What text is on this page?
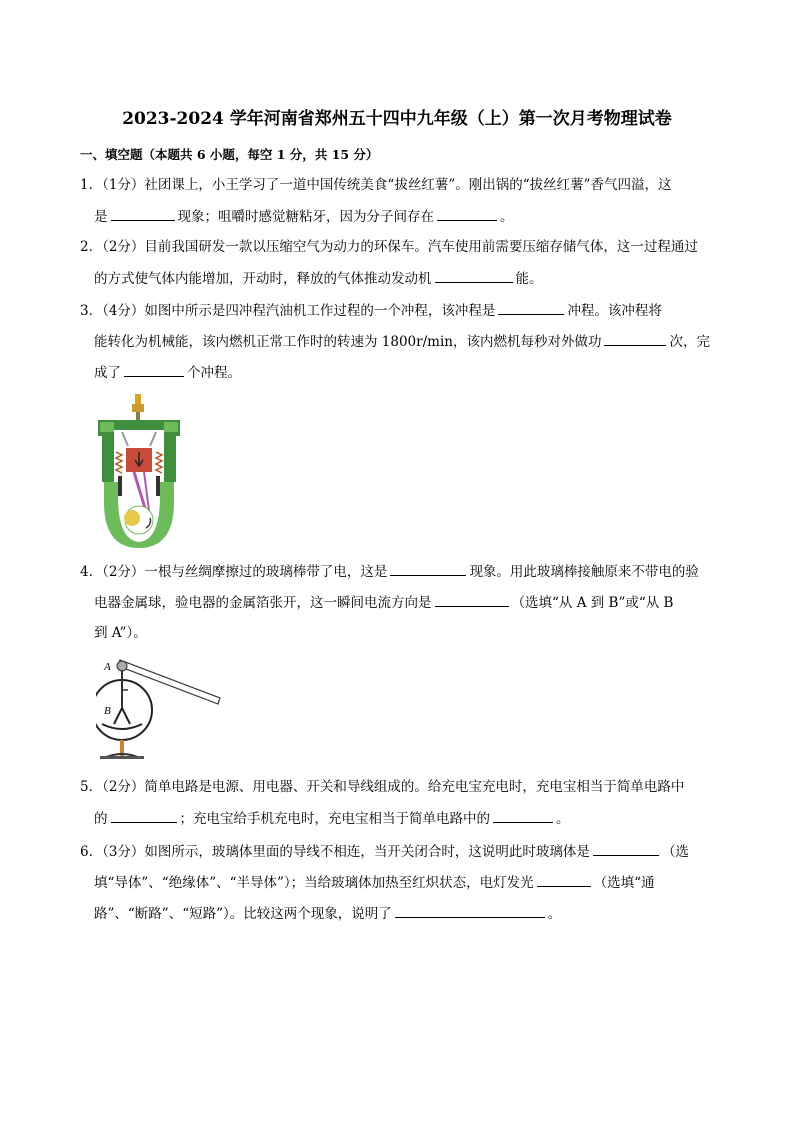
2023-2024 学年河南省郑州五十四中九年级（上）第一次月考物理试卷
一、填空题（本题共 6 小题，每空 1 分，共 15 分）
1．（1分）社团课上，小王学习了一道中国传统美食“拔丝红薯”。刚出锅的“拔丝红薯”香气四溢，这
是	现象；咀嚼时感觉糖粘牙，因为分子间存在	。
2．（2分）目前我国研发一款以压缩空气为动力的环保车。汽车使用前需要压缩存储气体，这一过程通过
的方式使气体内能增加，开动时，释放的气体推动发动机	能。
3．（4分）如图中所示是四冲程汽油机工作过程的一个冲程，该冲程是	冲程。该冲程将
能转化为机械能，该内燃机正常工作时的转速为 1800r/min，该内燃机每秒对外做功	次，完
成了	个冲程。
4．（2分）一根与丝绸摩擦过的玻璃棒带了电，这是	现象。用此玻璃棒接触原来不带电的验
电器金属球，验电器的金属箔张开，这一瞬间电流方向是	（选填“从 A 到 B”或“从 B
到 A”）。
A
B
5．（2分）简单电路是电源、用电器、开关和导线组成的。给充电宝充电时，充电宝相当于简单电路中
的	；充电宝给手机充电时，充电宝相当于简单电路中的	。
6．（3分）如图所示，玻璃体里面的导线不相连，当开关闭合时，这说明此时玻璃体是	（选
填“导体”、“绝缘体”、“半导体”）；当给玻璃体加热至红炽状态，电灯发光	（选填“通
路”、“断路”、“短路”）。比较这两个现象，说明了	。
